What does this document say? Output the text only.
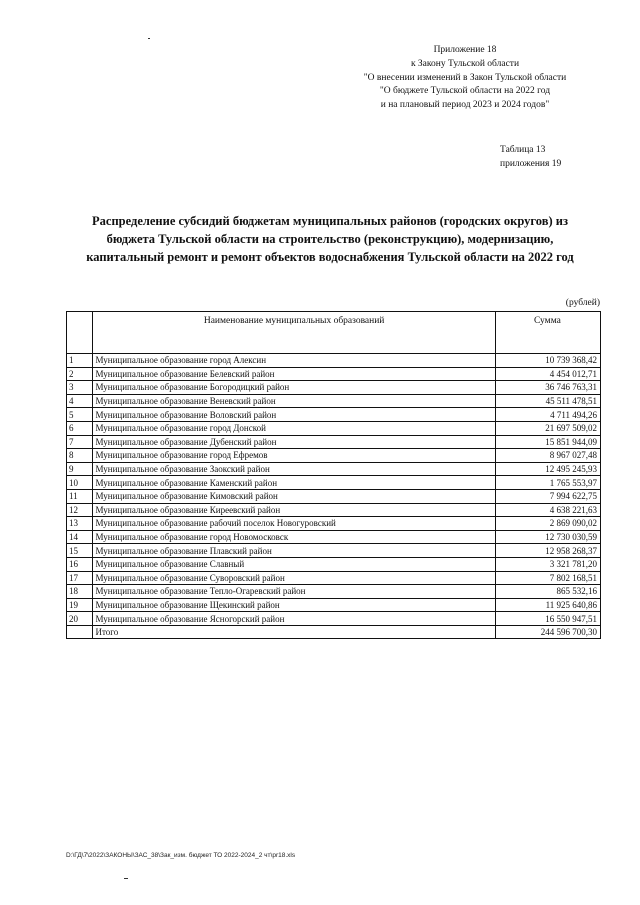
Приложение 18
к Закону Тульской области
"О внесении изменений в Закон Тульской области
"О бюджете Тульской области на 2022 год
и на плановый период 2023 и 2024 годов"
Таблица 13
приложения 19
Распределение субсидий бюджетам муниципальных районов (городских округов) из
бюджета Тульской области на строительство (реконструкцию), модернизацию,
капитальный ремонт и ремонт объектов водоснабжения Тульской области на 2022 год
(рублей)
	Наименование муниципальных образований	Сумма
1	Муниципальное образование город Алексин	10 739 368,42
2	Муниципальное образование Белевский район	4 454 012,71
3	Муниципальное образование Богородицкий район	36 746 763,31
4	Муниципальное образование Веневский район	45 511 478,51
5	Муниципальное образование Воловский район	4 711 494,26
6	Муниципальное образование город Донской	21 697 509,02
7	Муниципальное образование Дубенский район	15 851 944,09
8	Муниципальное образование город Ефремов	8 967 027,48
9	Муниципальное образование Заокский район	12 495 245,93
10	Муниципальное образование Каменский район	1 765 553,97
11	Муниципальное образование Кимовский район	7 994 622,75
12	Муниципальное образование Киреевский район	4 638 221,63
13	Муниципальное образование рабочий поселок Новогуровский	2 869 090,02
14	Муниципальное образование город Новомосковск	12 730 030,59
15	Муниципальное образование Плавский район	12 958 268,37
16	Муниципальное образование Славный	3 321 781,20
17	Муниципальное образование Суворовский район	7 802 168,51
18	Муниципальное образование Тепло-Огаревский район	865 532,16
19	Муниципальное образование Щекинский район	11 925 640,86
20	Муниципальное образование Ясногорский район	16 550 947,51
	Итого	244 596 700,30
D:\ГД\7\2022\ЗАКОНЫ\ЗАС_38\Зак_изм. бюджет ТО 2022-2024_2 чт\pr18.xls
